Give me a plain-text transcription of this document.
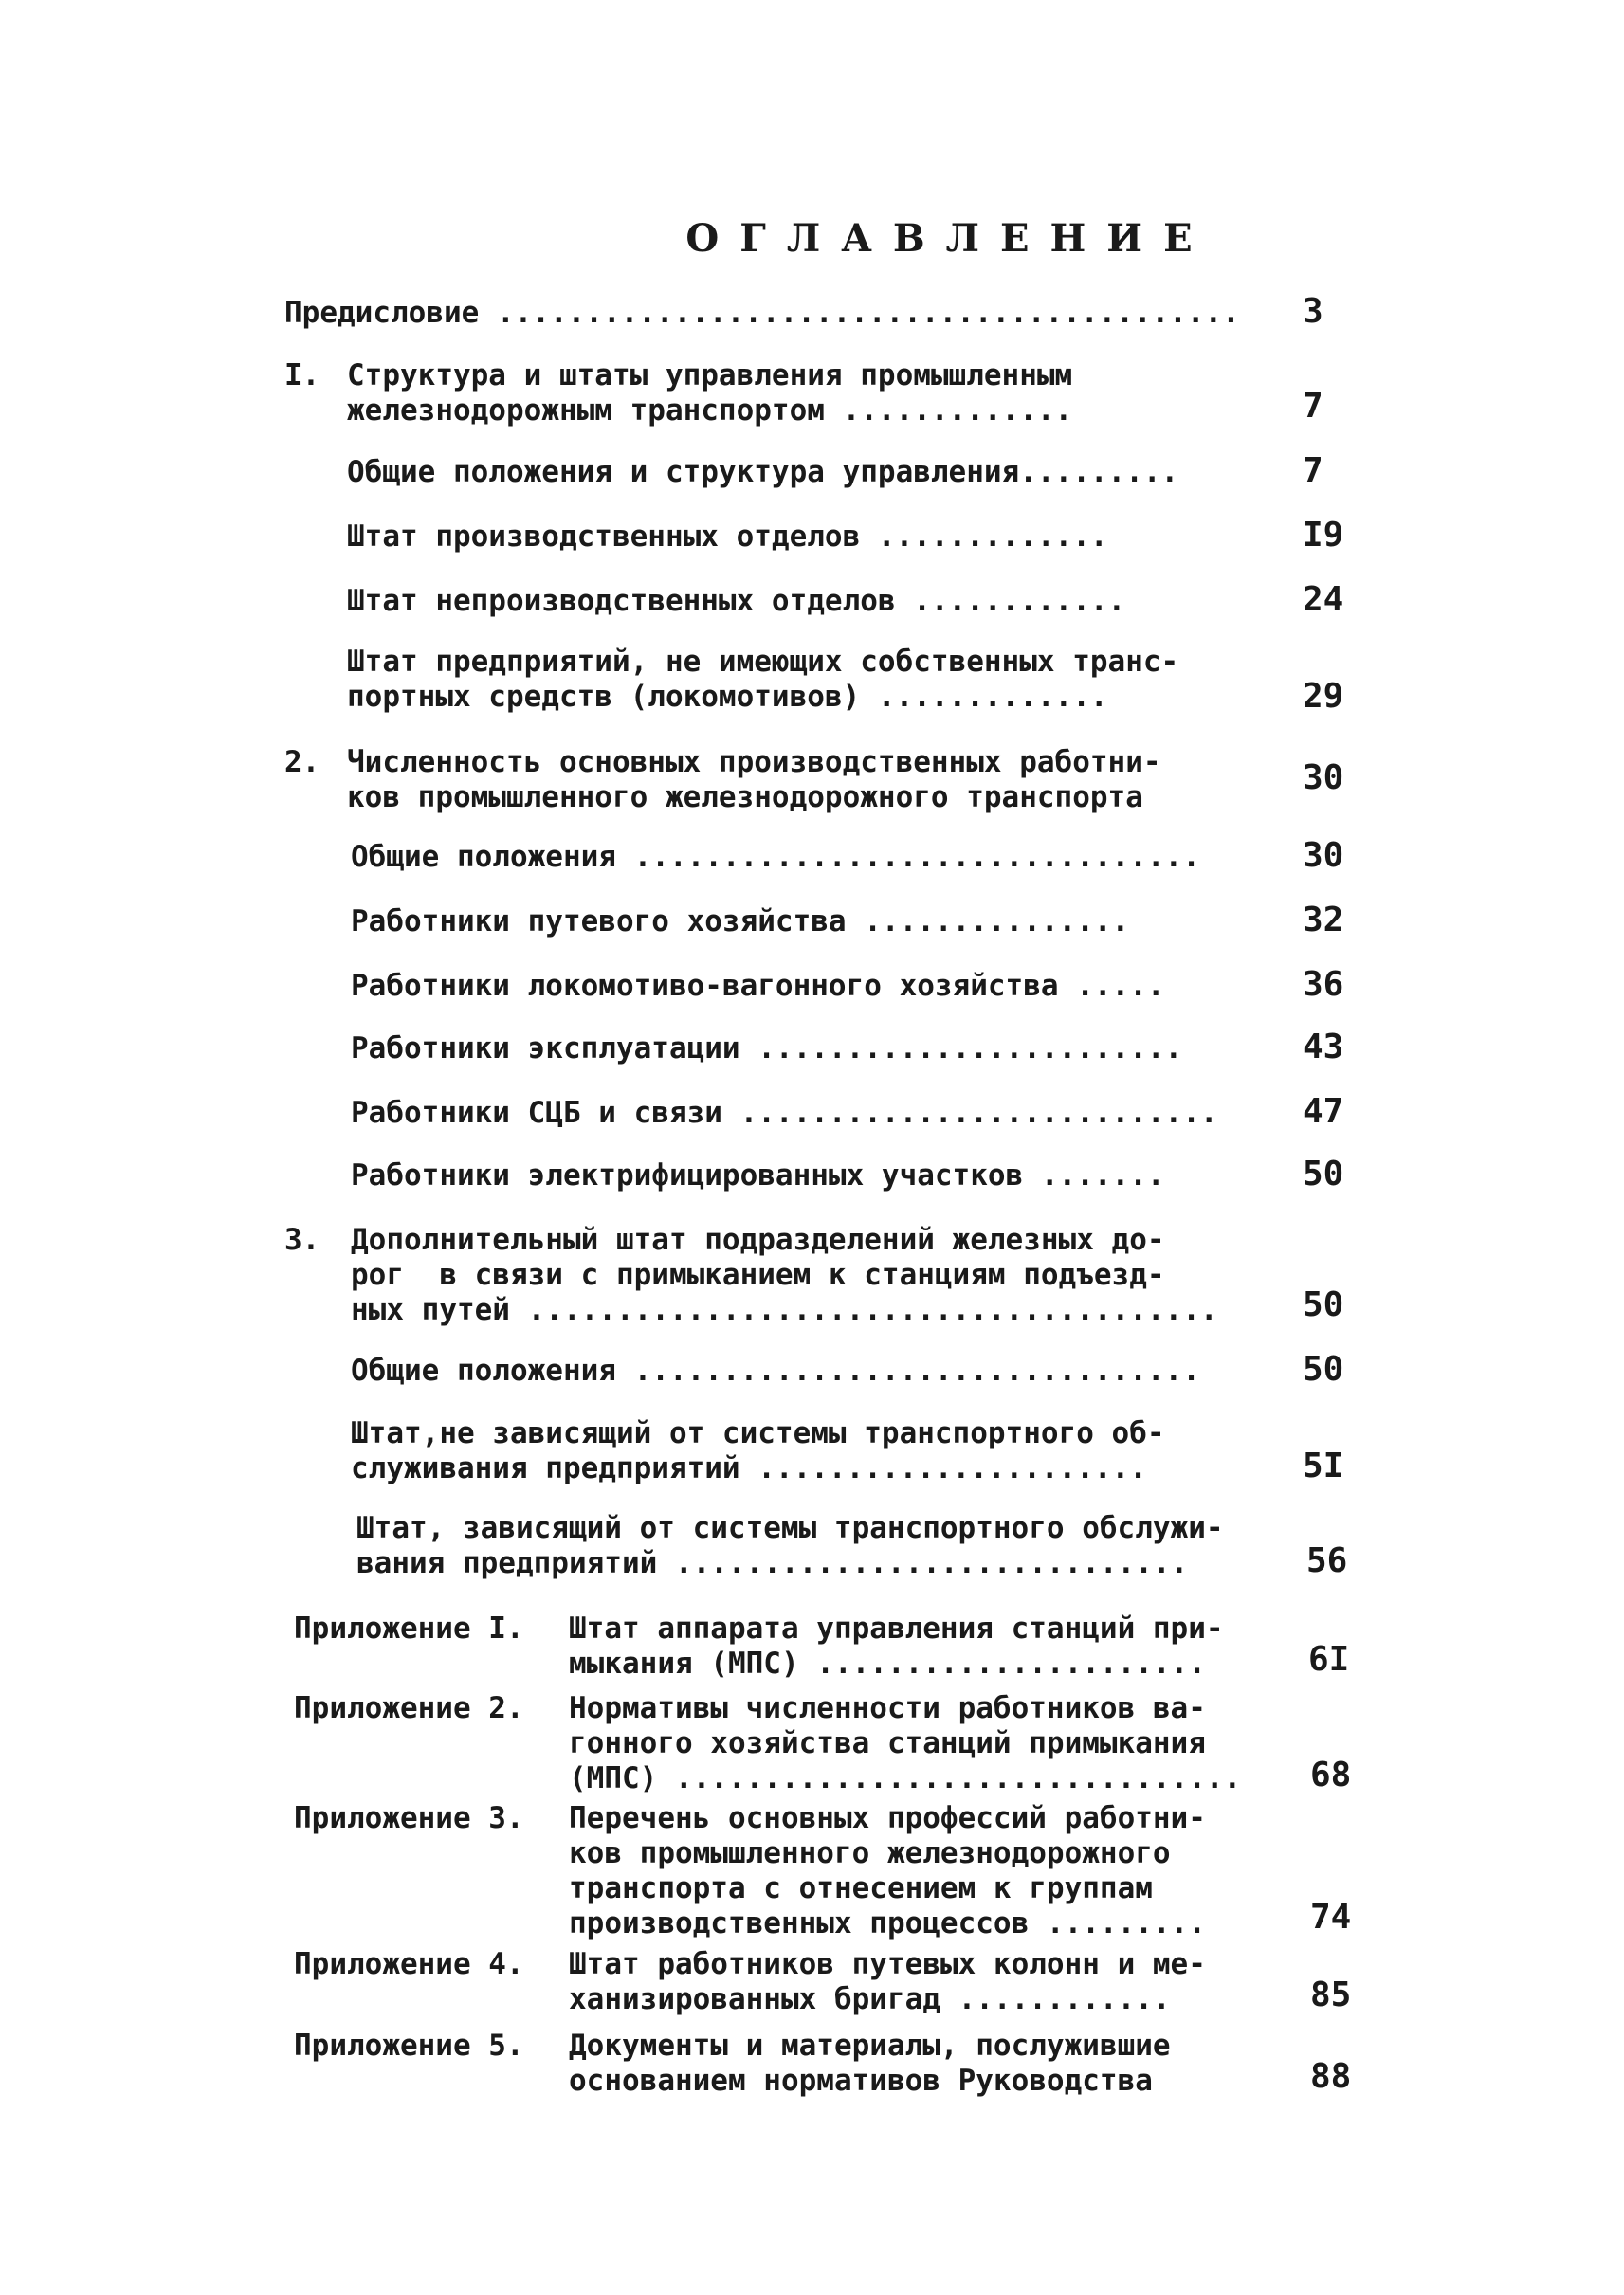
ОГЛАВЛЕНИЕ
Предисловие .......................................... 3
I. Структура и штаты управления промышленным
железнодорожным транспортом .............	7
Общие положения и структура управления.........	7
Штат производственных отделов .............	I9
Штат непроизводственных отделов ............	24
Штат предприятий, не имеющих собственных транс-
портных средств (локомотивов) .............	29
2. Численность основных производственных работни-
ков промышленного железнодорожного транспорта	30
Общие положения ................................	30
Работники путевого хозяйства ...............	32
Работники локомотиво-вагонного хозяйства .....	36
Работники эксплуатации ........................	43
Работники СЦБ и связи ........................... 47
Работники электрифицированных участков .......	50
3. Дополнительный штат подразделений железных до-
рог  в связи с примыканием к станциям подъезд-
ных путей ....................................... 50
Общие положения ................................	50
Штат,не зависящий от системы транспортного об-
служивания предприятий ......................	5I
Штат, зависящий от системы транспортного обслужи-
вания предприятий .............................	56
Приложение I. Штат аппарата управления станций при-
мыкания (МПС) ......................	6I
Приложение 2. Нормативы численности работников ва-
гонного хозяйства станций примыкания
(МПС) ................................ 68
Приложение 3. Перечень основных профессий работни-
ков промышленного железнодорожного
транспорта с отнесением к группам
производственных процессов .........	74
Приложение 4. Штат работников путевых колонн и ме-
ханизированных бригад ............	85
Приложение 5. Документы и материалы, послужившие
основанием нормативов Руководства	88
